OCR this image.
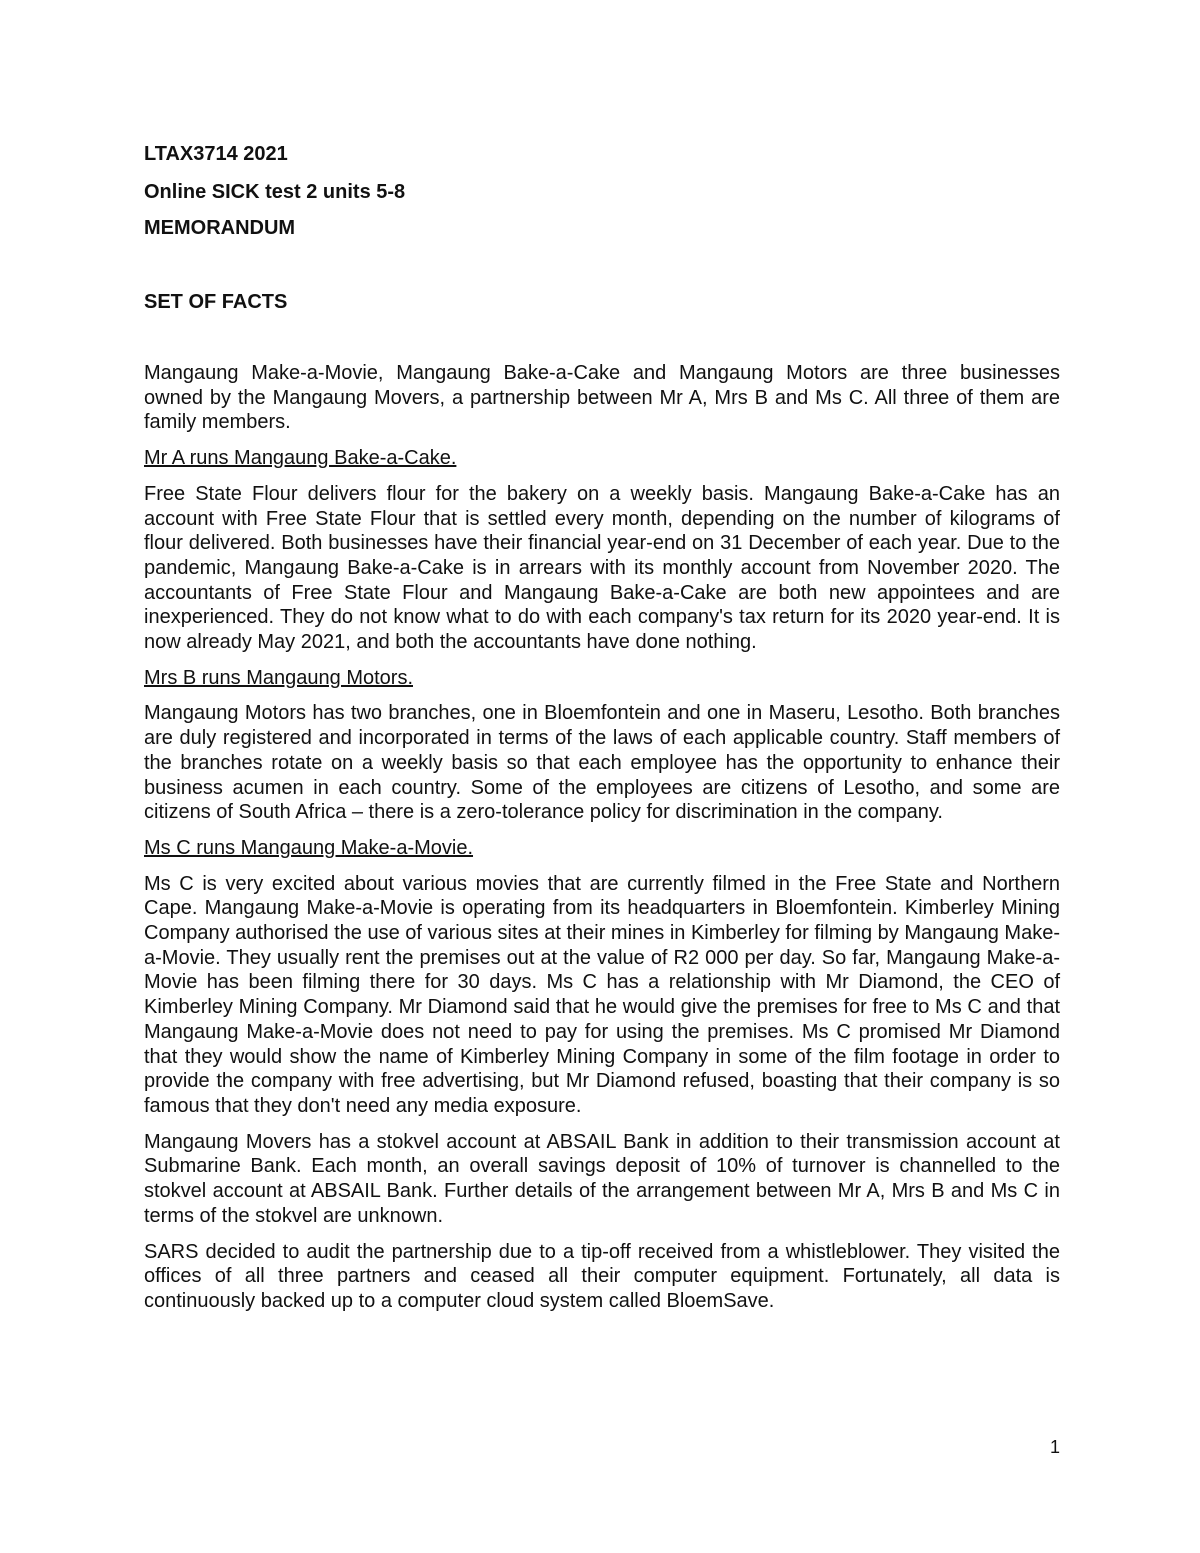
LTAX3714 2021

Online SICK test 2 units 5-8

MEMORANDUM

SET OF FACTS

Mangaung Make-a-Movie, Mangaung Bake-a-Cake and Mangaung Motors are three businesses owned by the Mangaung Movers, a partnership between Mr A, Mrs B and Ms C. All three of them are family members.

Mr A runs Mangaung Bake-a-Cake.

Free State Flour delivers flour for the bakery on a weekly basis. Mangaung Bake-a-Cake has an account with Free State Flour that is settled every month, depending on the number of kilograms of flour delivered. Both businesses have their financial year-end on 31 December of each year. Due to the pandemic, Mangaung Bake-a-Cake is in arrears with its monthly account from November 2020. The accountants of Free State Flour and Mangaung Bake-a-Cake are both new appointees and are inexperienced. They do not know what to do with each company's tax return for its 2020 year-end. It is now already May 2021, and both the accountants have done nothing.

Mrs B runs Mangaung Motors.

Mangaung Motors has two branches, one in Bloemfontein and one in Maseru, Lesotho. Both branches are duly registered and incorporated in terms of the laws of each applicable country. Staff members of the branches rotate on a weekly basis so that each employee has the opportunity to enhance their business acumen in each country. Some of the employees are citizens of Lesotho, and some are citizens of South Africa – there is a zero-tolerance policy for discrimination in the company.

Ms C runs Mangaung Make-a-Movie.

Ms C is very excited about various movies that are currently filmed in the Free State and Northern Cape. Mangaung Make-a-Movie is operating from its headquarters in Bloemfontein. Kimberley Mining Company authorised the use of various sites at their mines in Kimberley for filming by Mangaung Make-a-Movie. They usually rent the premises out at the value of R2 000 per day. So far, Mangaung Make-a-Movie has been filming there for 30 days. Ms C has a relationship with Mr Diamond, the CEO of Kimberley Mining Company. Mr Diamond said that he would give the premises for free to Ms C and that Mangaung Make-a-Movie does not need to pay for using the premises. Ms C promised Mr Diamond that they would show the name of Kimberley Mining Company in some of the film footage in order to provide the company with free advertising, but Mr Diamond refused, boasting that their company is so famous that they don't need any media exposure.

Mangaung Movers has a stokvel account at ABSAIL Bank in addition to their transmission account at Submarine Bank. Each month, an overall savings deposit of 10% of turnover is channelled to the stokvel account at ABSAIL Bank. Further details of the arrangement between Mr A, Mrs B and Ms C in terms of the stokvel are unknown.

SARS decided to audit the partnership due to a tip-off received from a whistleblower. They visited the offices of all three partners and ceased all their computer equipment. Fortunately, all data is continuously backed up to a computer cloud system called BloemSave.

1
